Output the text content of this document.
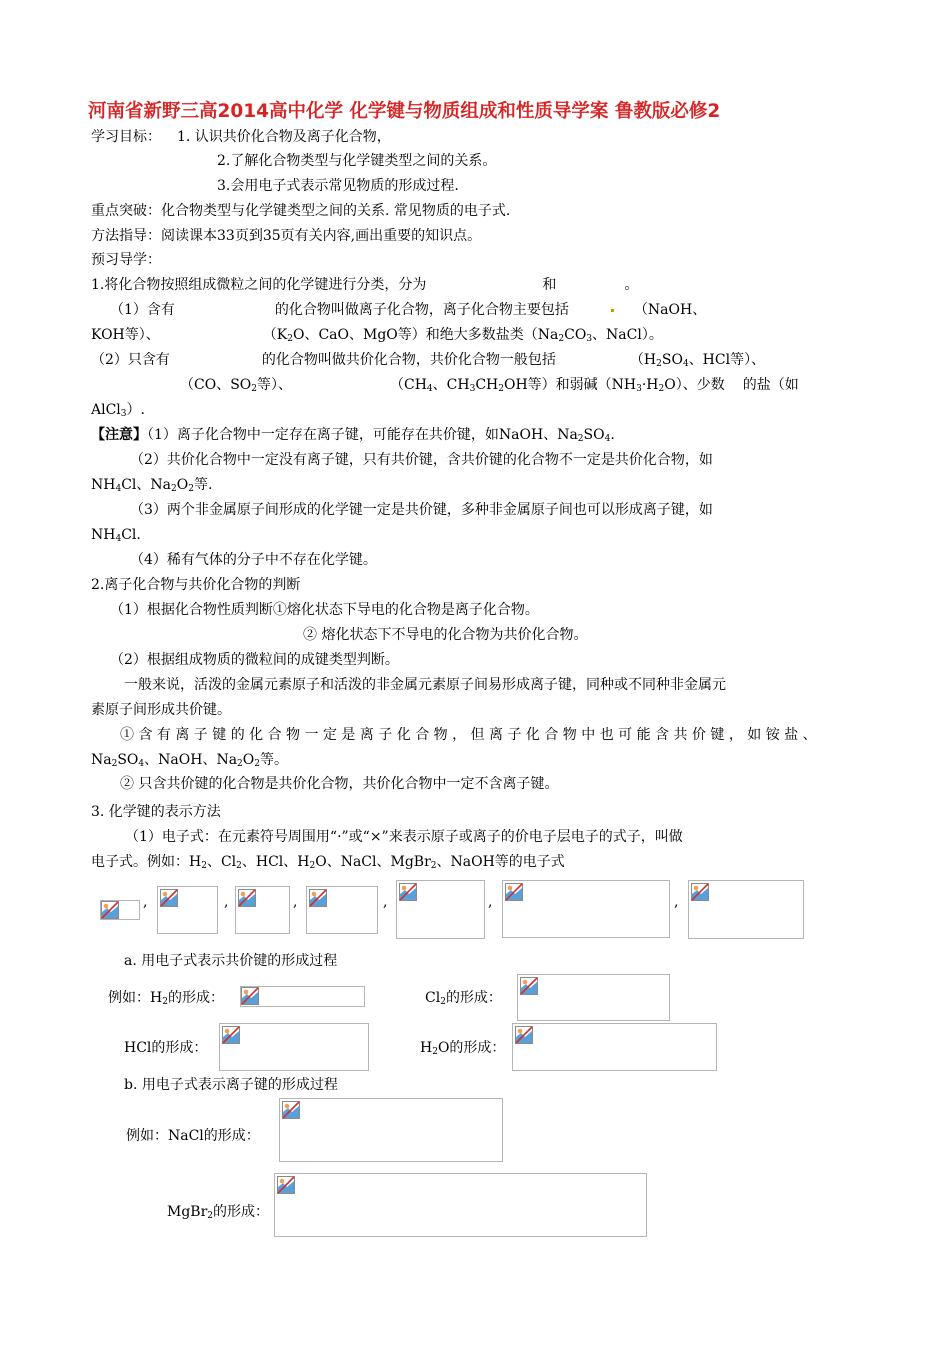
河南省新野三高2014高中化学 化学键与物质组成和性质导学案 鲁教版必修2
学习目标： 1. 认识共价化合物及离子化合物，
2.了解化合物类型与化学键类型之间的关系。
3.会用电子式表示常见物质的形成过程.
重点突破：化合物类型与化学键类型之间的关系. 常见物质的电子式.
方法指导：阅读课本33页到35页有关内容,画出重要的知识点。
预习导学：
1.将化合物按照组成微粒之间的化学键进行分类，分为	和	。
（1）含有	的化合物叫做离子化合物，离子化合物主要包括	（NaOH、
KOH等）、	（$K_2O$、CaO、MgO等）和绝大多数盐类（$Na_2CO_3$、NaCl）。
（2）只含有	的化合物叫做共价化合物，共价化合物一般包括	（$H_2SO_4$、HCl等）、
（CO、$SO_2$等）、	（$CH_4$、$CH_3CH_2OH$等）和弱碱$(NH_3\cdot H_2O)$、少数 的盐（如
AlCl$_3$）.
【注意】（1）离子化合物中一定存在离子键，可能存在共价键，如NaOH、$Na_2SO_4$.
（2）共价化合物中一定没有离子键，只有共价键，含共价键的化合物不一定是共价化合物，如
$NH_4Cl$、$Na_2O_2$等.
（3）两个非金属原子间形成的化学键一定是共价键，多种非金属原子间也可以形成离子键，如
$NH_4Cl$.
（4）稀有气体的分子中不存在化学键。
2.离子化合物与共价化合物的判断
（1）根据化合物性质判断①熔化状态下导电的化合物是离子化合物。
② 熔化状态下不导电的化合物为共价化合物。
（2）根据组成物质的微粒间的成键类型判断。
一般来说，活泼的金属元素原子和活泼的非金属元素原子间易形成离子键，同种或不同种非金属元
素原子间形成共价键。
① 含 有 离 子 键 的 化 合 物 一 定 是 离 子 化 合 物 ， 但 离 子 化 合 物 中 也 可 能 含 共 价 键 ， 如 铵 盐 、
$Na_2SO_4$、NaOH、$Na_2O_2$等。
② 只含共价键的化合物是共价化合物，共价化合物中一定不含离子键。
3. 化学键的表示方法
（1）电子式：在元素符号周围用“·”或“×”来表示原子或离子的价电子层电子的式子，叫做
电子式。例如：$H_2$、$Cl_2$、HCl、$H_2O$、NaCl、MgBr$_2$、NaOH等的电子式
,	,	,	,	,	,
a. 用电子式表示共价键的形成过程
例如：$H_2$的形成：	$Cl_2$的形成：
HCl的形成：	$H_2O$的形成：
b. 用电子式表示离子键的形成过程
例如：NaCl的形成：
MgBr$_2$的形成：
